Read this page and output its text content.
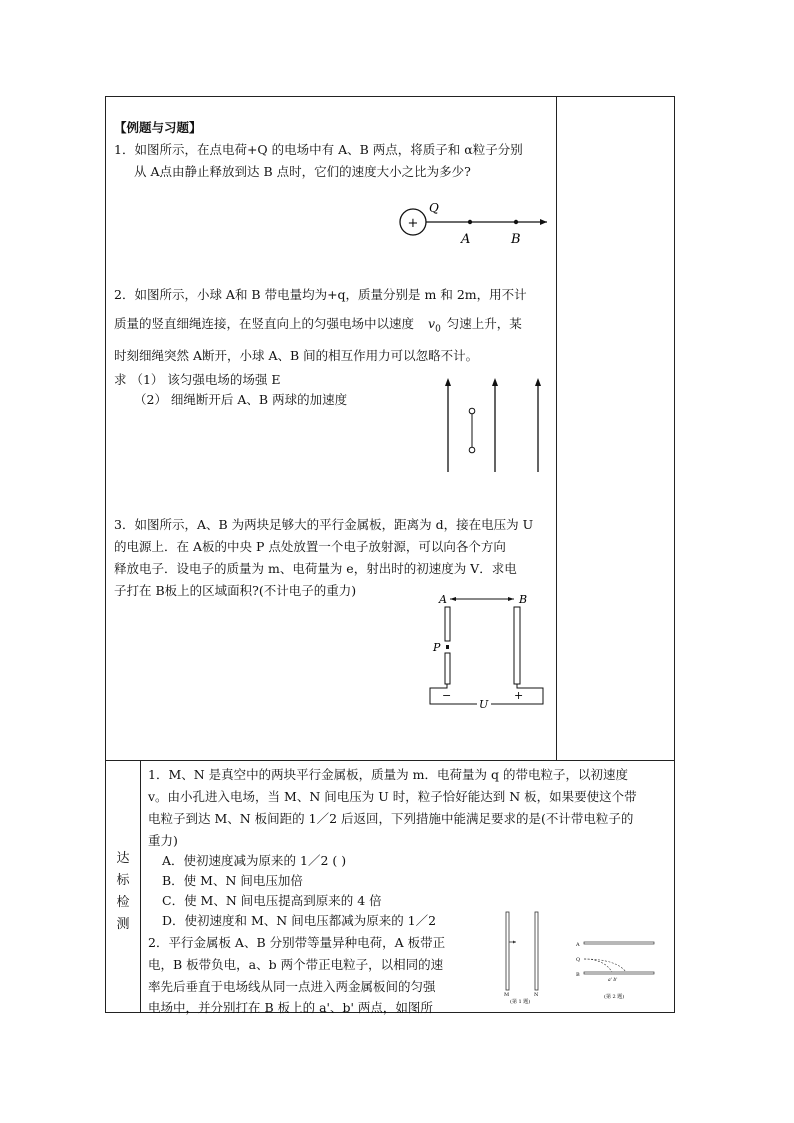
【例题与习题】
1．如图所示，在点电荷+Q 的电场中有 A、B 两点，将质子和 α粒子分别
从 A点由静止释放到达 B 点时，它们的速度大小之比为多少?
+
Q
A	B
2．如图所示，小球 A和 B 带电量均为+q，质量分别是 m 和 2m，用不计
质量的竖直细绳连接，在竖直向上的匀强电场中以速度 $v_0$ 匀速上升，某
时刻细绳突然 A断开，小球 A、B 间的相互作用力可以忽略不计。
求 （1） 该匀强电场的场强 E
（2） 细绳断开后 A、B 两球的加速度
3．如图所示，A、B 为两块足够大的平行金属板，距离为 d，接在电压为 U
的电源上．在 A板的中央 P 点处放置一个电子放射源，可以向各个方向
释放电子．设电子的质量为 m、电荷量为 e，射出时的初速度为 V．求电
子打在 B板上的区域面积?(不计电子的重力)
A	B
P
−	+
U
达
标
检
测
1．M、N 是真空中的两块平行金属板，质量为 m．电荷量为 q 的带电粒子，以初速度
v。由小孔进入电场，当 M、N 间电压为 U 时，粒子恰好能达到 N 板，如果要使这个带
电粒子到达 M、N 板间距的 1／2 后返回，下列措施中能满足要求的是(不计带电粒子的
重力)
A．使初速度减为原来的 1／2 ( )
B．使 M、N 间电压加倍
C．使 M、N 间电压提高到原来的 4 倍
D．使初速度和 M、N 间电压都减为原来的 1／2
2．平行金属板 A、B 分别带等量异种电荷，A 板带正
电，B 板带负电，a、b 两个带正电粒子，以相同的速
率先后垂直于电场线从同一点进入两金属板间的匀强
电场中，并分别打在 B 板上的 a'、b' 两点，如图所
M	N
(第 1 题)
A
Q
B
a' b'
(第 2 题)
